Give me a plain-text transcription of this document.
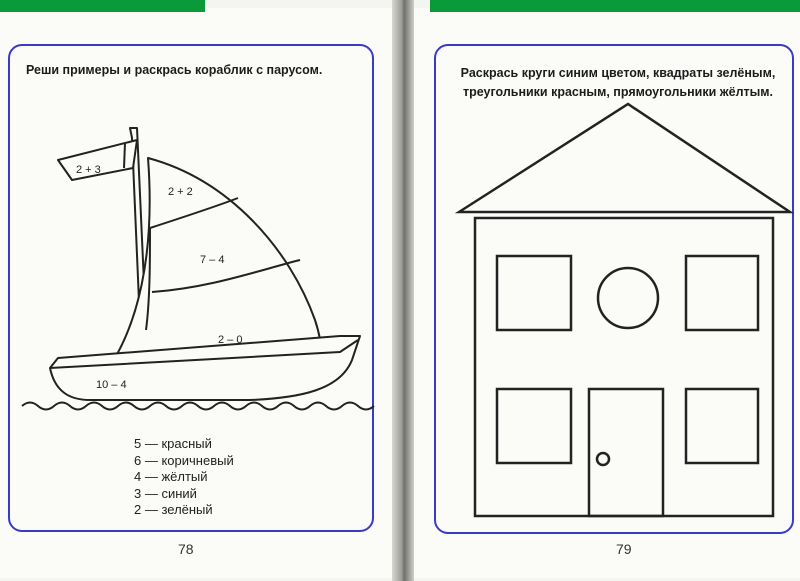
Реши примеры и раскрась кораблик с парусом.	Раскрась круги синим цветом, квадраты зелёным,
треугольники красным, прямоугольники жёлтым.
2 + 3
2 + 2
7 – 4
2 – 0
10 – 4
5 — красный
6 — коричневый
4 — жёлтый
3 — синий
2 — зелёный
78	79
